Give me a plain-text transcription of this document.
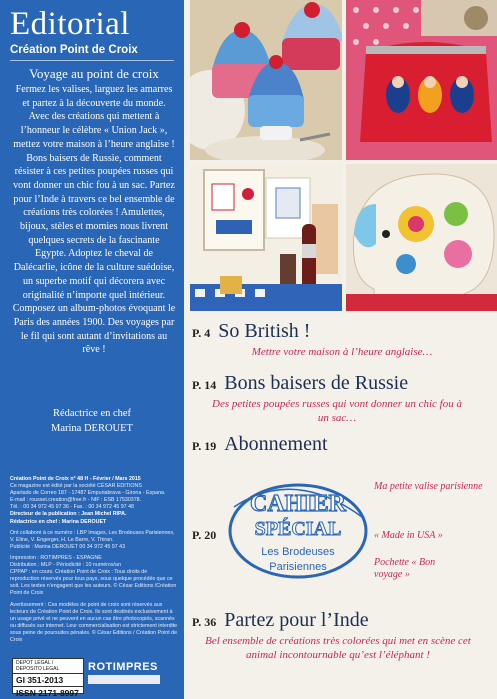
Editorial
Création Point de Croix
Voyage au point de croix
Fermez les valises, larguez les amarres et partez à la découverte du monde. Avec des créations qui mettent à l’honneur le célèbre « Union Jack », mettez votre maison à l’heure anglaise ! Bons baisers de Russie, comment résister à ces petites poupées russes qui vont donner un chic fou à un sac. Partez pour l’Inde à travers ce bel ensemble de créations très colorées ! Amulettes, bijoux, stèles et momies nous livrent quelques secrets de la fascinante Egypte. Adoptez le cheval de Dalécarlie, icône de la culture suédoise, un superbe motif qui décorera avec originalité n’importe quel intérieur. Composez un album-photos évoquant le Paris des années 1900. Des voyages par le fil qui sont autant d’invitations au rêve !
Rédactrice en chef
Marina DEROUET

Création Point de Croix n° 48 H - Février / Mars 2015
Ce magazine est édité par la société CÉSAR EDITIONS
Apartado de Correo 187 - 17487 Empuriabrava - Girona - Espana.
E-mail : rousset.creation@free.fr - NIF : ESB 17530378.
Tél. : 00 34 972 45 97 36 - Fax. : 00 34 972 45 97 48
Directeur de la publication : Jean Michel RIPA.
Rédactrice en chef : Marina DEROUET

Ont collaboré à ce numéro : LBP Images, Les Brodeuses Parisiennes, V. Eline, V. Engerger, H. Le Barre, V. Thiran.
Publicité : Marina DEROUET 00 34 972 45 97 43

Impression : ROTIMPRES - ESPAGNE
Distribution : MLP - Périodicité : 10 numéros/an
CPPAP : en cours. Création Point de Croix : Tous droits de reproduction réservés pour tous pays, sous quelque procédés que ce soit. Les textes n'engagent que les auteurs. © César Editions /Création Point de Croix

Avertissement : Ces modèles de point de croix sont réservés aux lecteurs de Création Point de Croix. Ils sont destinés exclusivement à un usage privé et ne peuvent en aucun cas être photocopiés, scannés ou diffusés sur internet. Leur commercialisation est strictement interdite sous peine de poursuites pénales. © César Editions / Création Point de Croix

DEPOT LEGAL / DEPOSITO LEGAL
GI 351-2013
ISSN 2171-8997
ROTIMPRES
P. 4 So British !
Mettre votre maison à l’heure anglaise…
P. 14 Bons baisers de Russie
Des petites poupées russes qui vont donner un chic fou à un sac…
P. 19 Abonnement
P. 20
CAHIER
SPÉCIAL
Les Brodeuses
Parisiennes
Ma petite valise parisienne
« Made in USA »
Pochette « Bon voyage »
P. 36 Partez pour l’Inde
Bel ensemble de créations très colorées qui met en scène cet animal incontournable qu’est l’éléphant !
